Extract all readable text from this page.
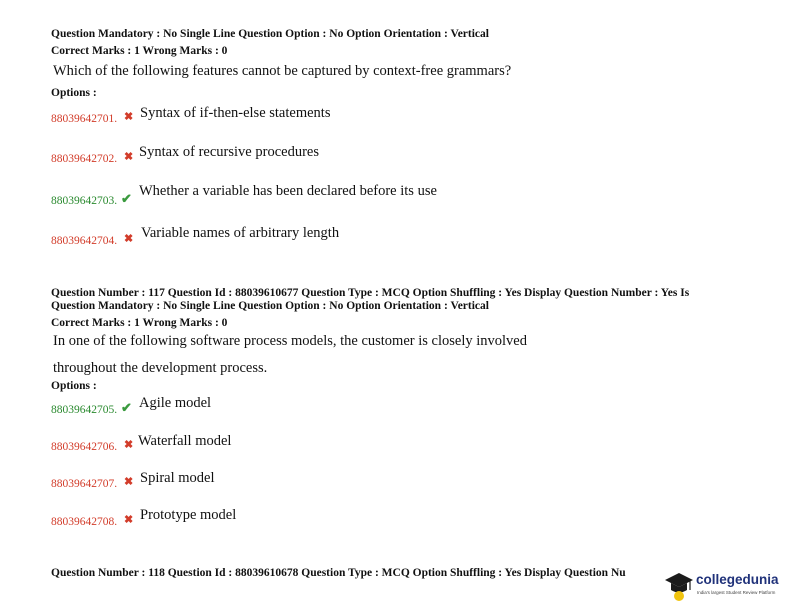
Question Mandatory : No Single Line Question Option : No Option Orientation : Vertical
Correct Marks : 1 Wrong Marks : 0
Which of the following features cannot be captured by context-free grammars?
Options :
88039642701. ✖ Syntax of if-then-else statements
88039642702. ✖ Syntax of recursive procedures
88039642703. ✔ Whether a variable has been declared before its use
88039642704. ✖ Variable names of arbitrary length
Question Number : 117 Question Id : 88039610677 Question Type : MCQ Option Shuffling : Yes Display Question Number : Yes Is
Question Mandatory : No Single Line Question Option : No Option Orientation : Vertical
Correct Marks : 1 Wrong Marks : 0
In one of the following software process models, the customer is closely involved
throughout the development process.
Options :
88039642705. ✔ Agile model
88039642706. ✖ Waterfall model
88039642707. ✖ Spiral model
88039642708. ✖ Prototype model
Question Number : 118 Question Id : 88039610678 Question Type : MCQ Option Shuffling : Yes Display Question Nu	collegedunia
India's largest Student Review Platform
